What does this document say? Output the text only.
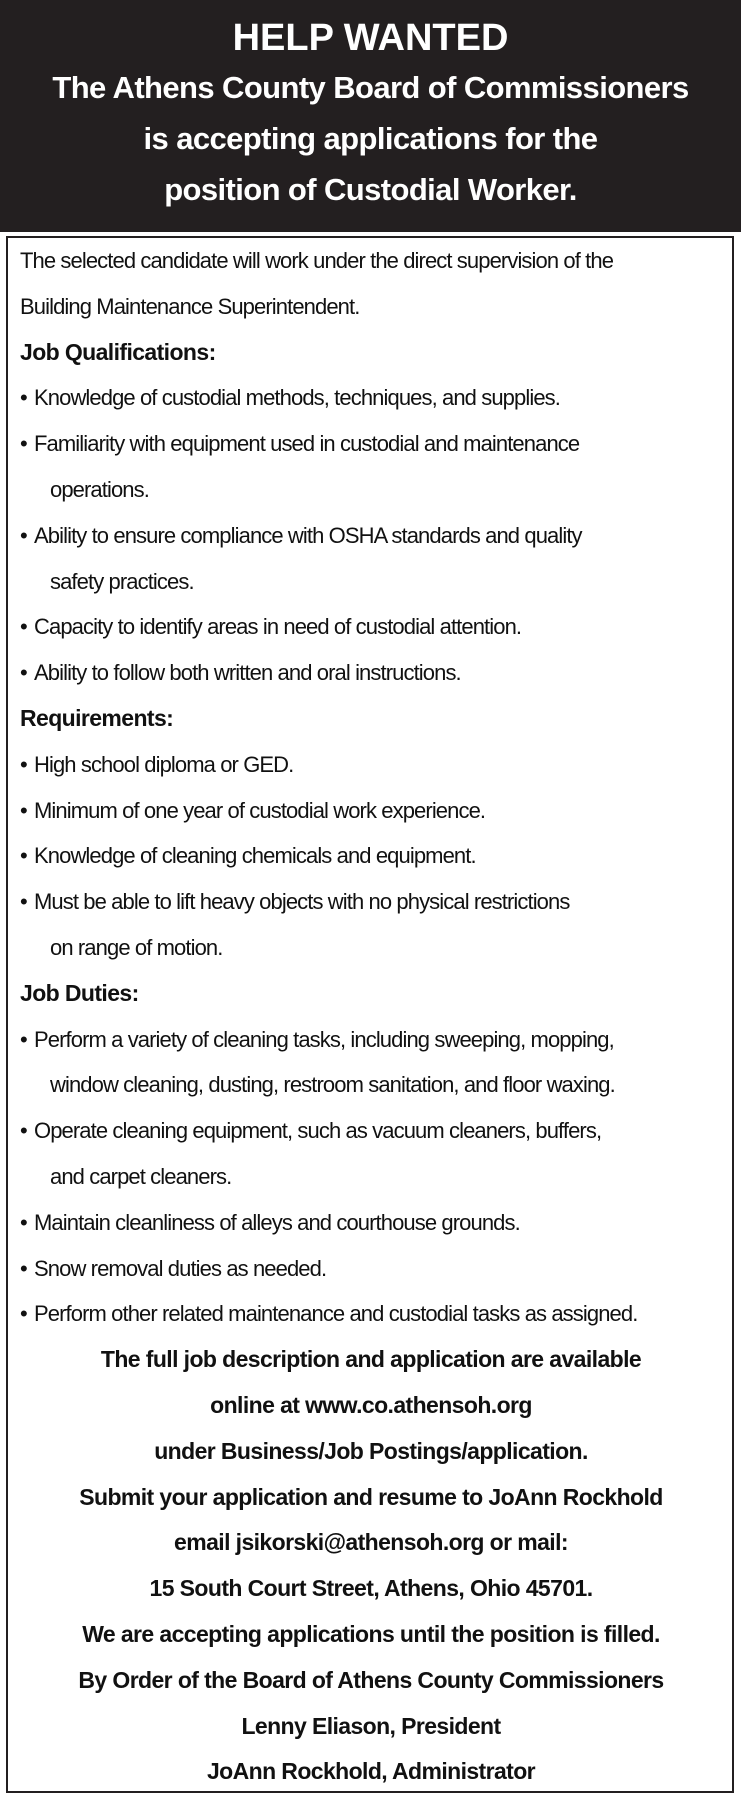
HELP WANTED
The Athens County Board of Commissioners
is accepting applications for the
position of Custodial Worker.
The selected candidate will work under the direct supervision of the
Building Maintenance Superintendent.
Job Qualifications:
• Knowledge of custodial methods, techniques, and supplies.
• Familiarity with equipment used in custodial and maintenance
operations.
• Ability to ensure compliance with OSHA standards and quality
safety practices.
• Capacity to identify areas in need of custodial attention.
• Ability to follow both written and oral instructions.
Requirements:
• High school diploma or GED.
• Minimum of one year of custodial work experience.
• Knowledge of cleaning chemicals and equipment.
• Must be able to lift heavy objects with no physical restrictions
on range of motion.
Job Duties:
• Perform a variety of cleaning tasks, including sweeping, mopping,
window cleaning, dusting, restroom sanitation, and floor waxing.
• Operate cleaning equipment, such as vacuum cleaners, buffers,
and carpet cleaners.
• Maintain cleanliness of alleys and courthouse grounds.
• Snow removal duties as needed.
• Perform other related maintenance and custodial tasks as assigned.
The full job description and application are available
online at www.co.athensoh.org
under Business/Job Postings/application.
Submit your application and resume to JoAnn Rockhold
email jsikorski@athensoh.org or mail:
15 South Court Street, Athens, Ohio 45701.
We are accepting applications until the position is filled.
By Order of the Board of Athens County Commissioners
Lenny Eliason, President
JoAnn Rockhold, Administrator
